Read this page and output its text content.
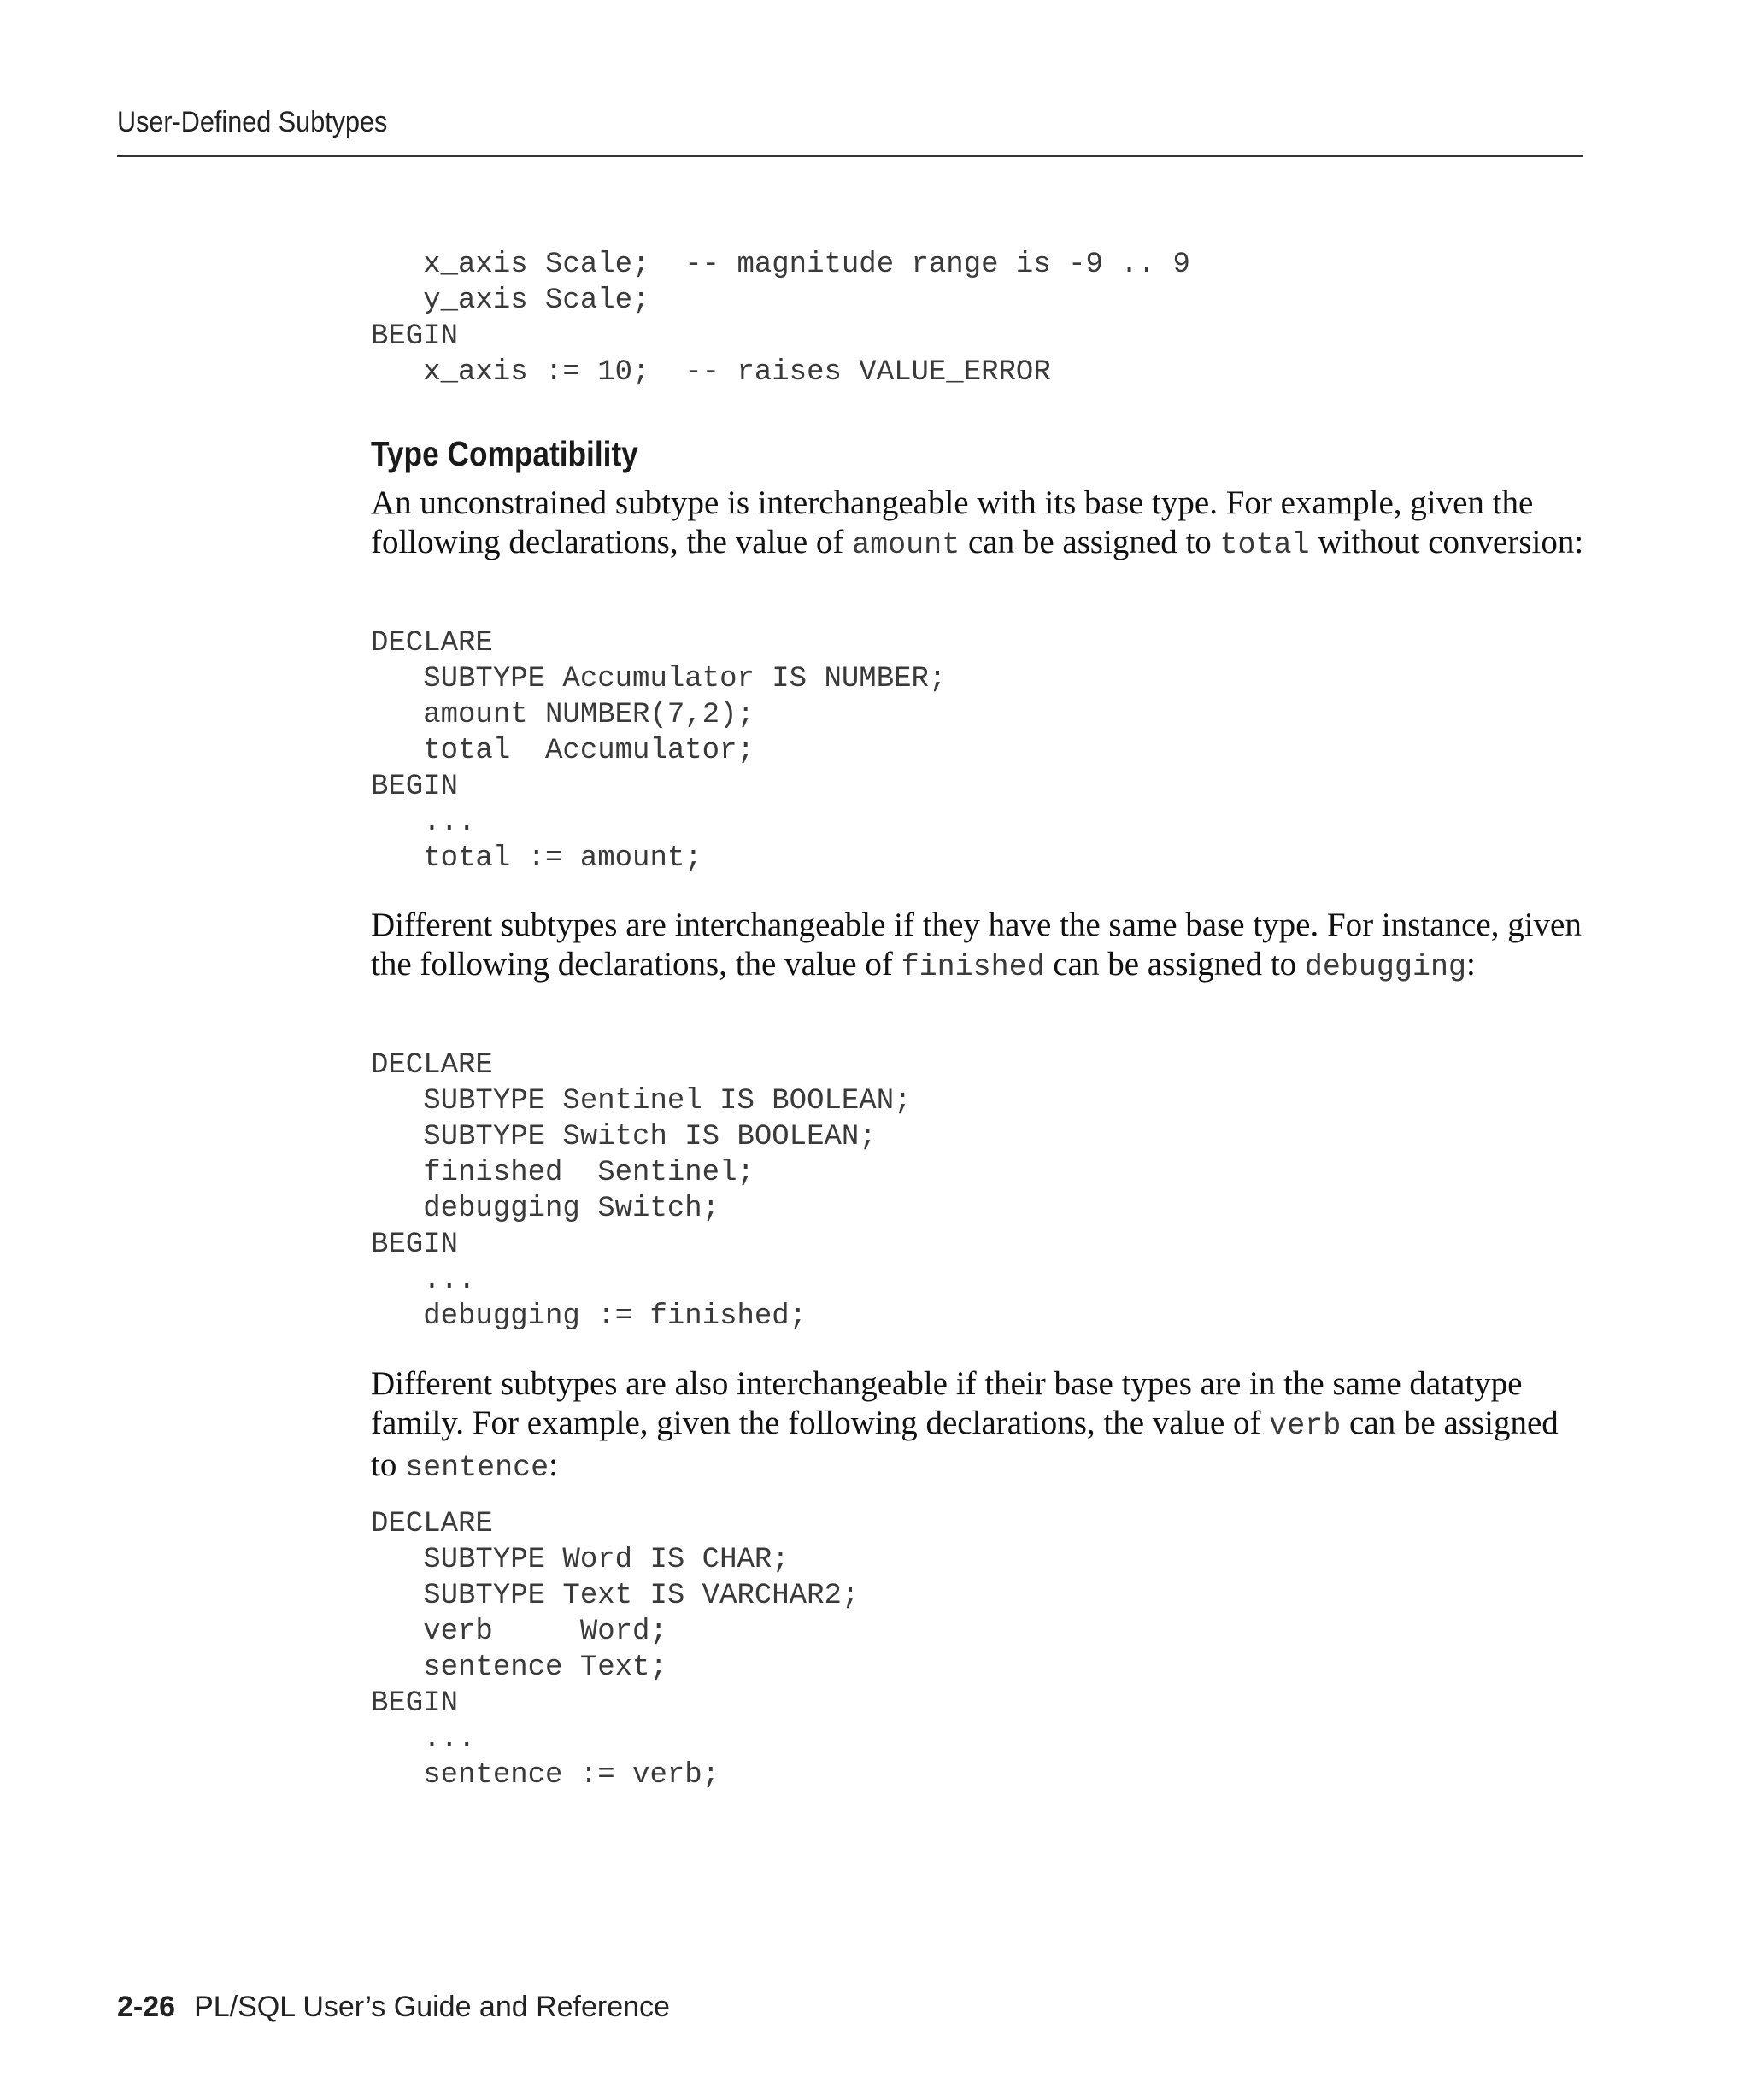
User-Defined Subtypes
x_axis Scale;  -- magnitude range is -9 .. 9
y_axis Scale;
BEGIN
x_axis := 10;  -- raises VALUE_ERROR
Type Compatibility

An unconstrained subtype is interchangeable with its base type. For example, given the following declarations, the value of amount can be assigned to total without conversion:

DECLARE
SUBTYPE Accumulator IS NUMBER;
amount NUMBER(7,2);
total  Accumulator;
BEGIN
...
total := amount;

Different subtypes are interchangeable if they have the same base type. For instance, given the following declarations, the value of finished can be assigned to debugging:

DECLARE
SUBTYPE Sentinel IS BOOLEAN;
SUBTYPE Switch IS BOOLEAN;
finished  Sentinel;
debugging Switch;
BEGIN
...
debugging := finished;

Different subtypes are also interchangeable if their base types are in the same datatype family. For example, given the following declarations, the value of verb can be assigned to sentence:

DECLARE
SUBTYPE Word IS CHAR;
SUBTYPE Text IS VARCHAR2;
verb     Word;
sentence Text;
BEGIN
...
sentence := verb;
2-26 PL/SQL User’s Guide and Reference
